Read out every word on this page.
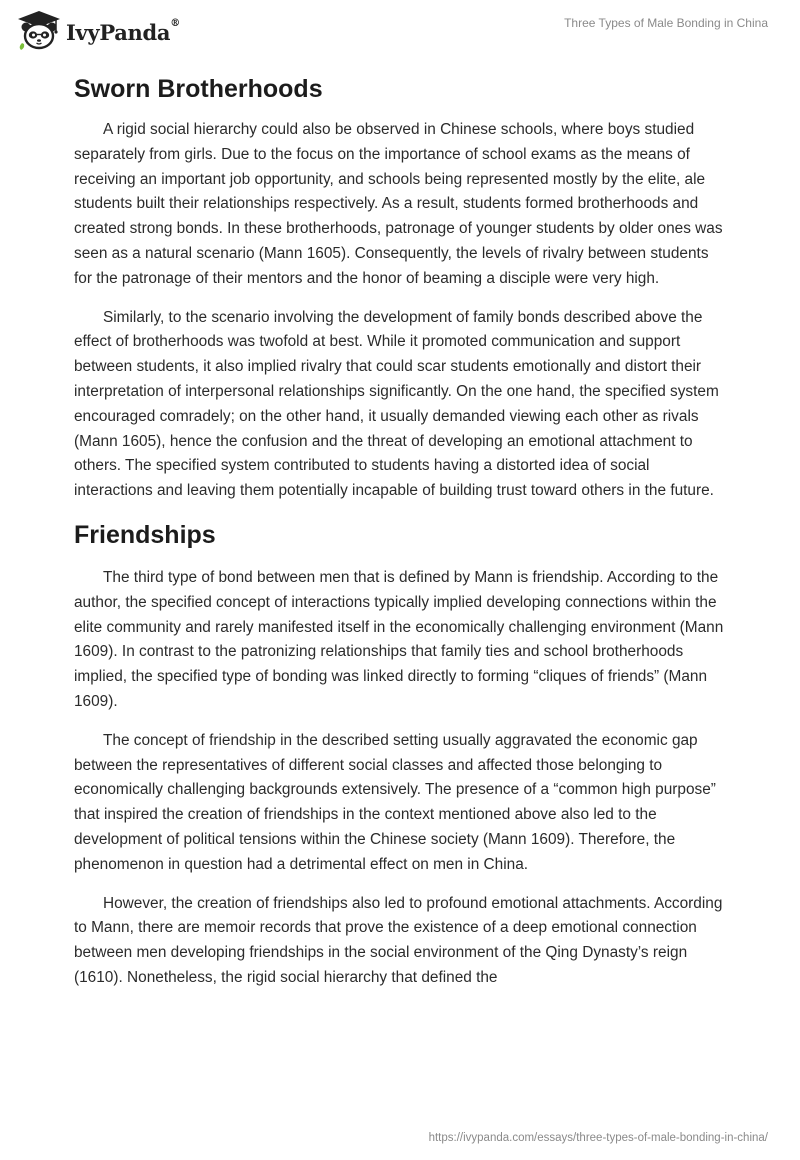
IvyPanda®	Three Types of Male Bonding in China
Sworn Brotherhoods

A rigid social hierarchy could also be observed in Chinese schools, where boys studied separately from girls. Due to the focus on the importance of school exams as the means of receiving an important job opportunity, and schools being represented mostly by the elite, ale students built their relationships respectively. As a result, students formed brotherhoods and created strong bonds. In these brotherhoods, patronage of younger students by older ones was seen as a natural scenario (Mann 1605). Consequently, the levels of rivalry between students for the patronage of their mentors and the honor of beaming a disciple were very high.

Similarly, to the scenario involving the development of family bonds described above the effect of brotherhoods was twofold at best. While it promoted communication and support between students, it also implied rivalry that could scar students emotionally and distort their interpretation of interpersonal relationships significantly. On the one hand, the specified system encouraged comradely; on the other hand, it usually demanded viewing each other as rivals (Mann 1605), hence the confusion and the threat of developing an emotional attachment to others. The specified system contributed to students having a distorted idea of social interactions and leaving them potentially incapable of building trust toward others in the future.

Friendships

The third type of bond between men that is defined by Mann is friendship. According to the author, the specified concept of interactions typically implied developing connections within the elite community and rarely manifested itself in the economically challenging environment (Mann 1609). In contrast to the patronizing relationships that family ties and school brotherhoods implied, the specified type of bonding was linked directly to forming “cliques of friends” (Mann 1609).

The concept of friendship in the described setting usually aggravated the economic gap between the representatives of different social classes and affected those belonging to economically challenging backgrounds extensively. The presence of a “common high purpose” that inspired the creation of friendships in the context mentioned above also led to the development of political tensions within the Chinese society (Mann 1609). Therefore, the phenomenon in question had a detrimental effect on men in China.

However, the creation of friendships also led to profound emotional attachments. According to Mann, there are memoir records that prove the existence of a deep emotional connection between men developing friendships in the social environment of the Qing Dynasty’s reign (1610). Nonetheless, the rigid social hierarchy that defined the

https://ivypanda.com/essays/three-types-of-male-bonding-in-china/
